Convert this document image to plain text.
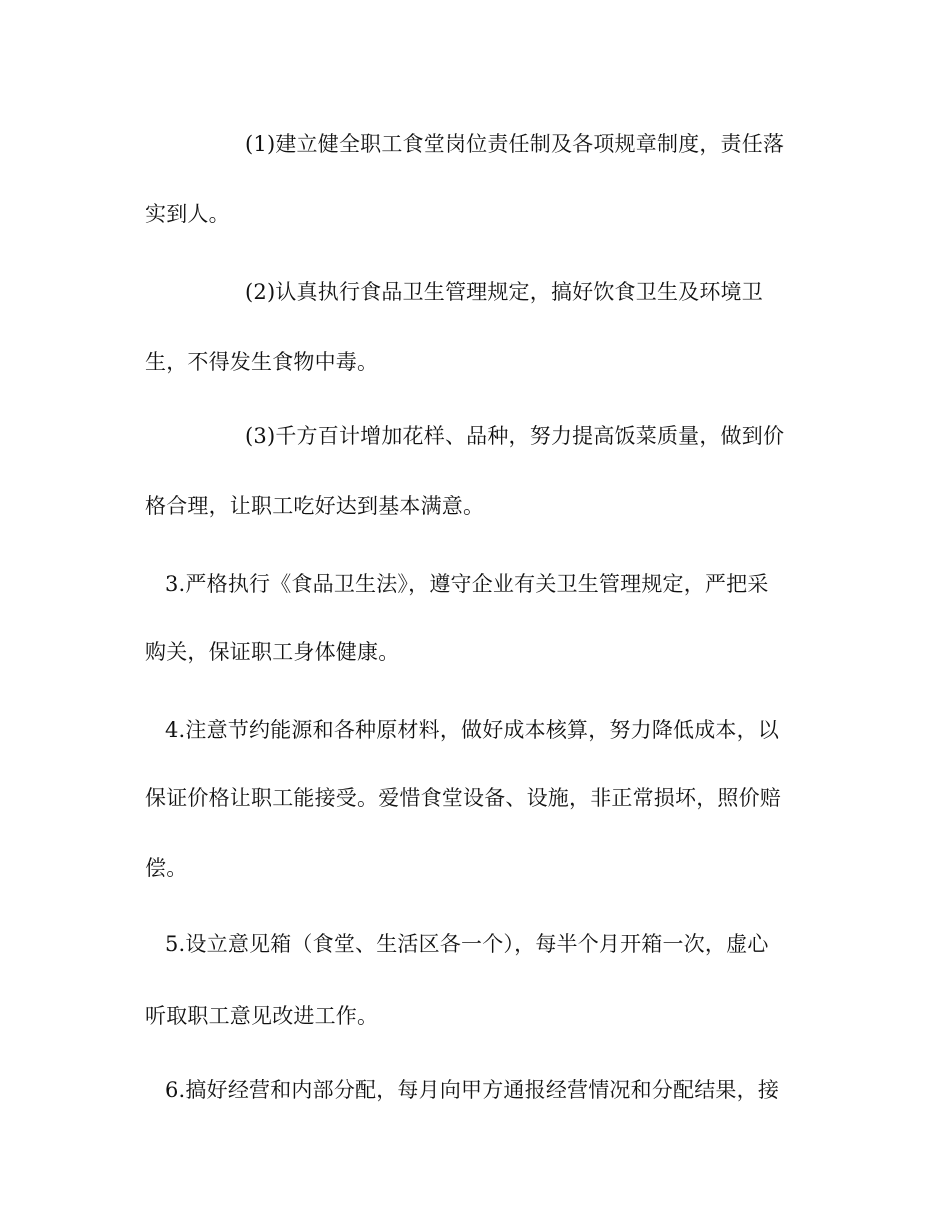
(1)建立健全职工食堂岗位责任制及各项规章制度，责任落
实到人。
(2)认真执行食品卫生管理规定，搞好饮食卫生及环境卫
生，不得发生食物中毒。
(3)千方百计增加花样、品种，努力提高饭菜质量，做到价
格合理，让职工吃好达到基本满意。
3.严格执行《食品卫生法》，遵守企业有关卫生管理规定，严把采
购关，保证职工身体健康。
4.注意节约能源和各种原材料，做好成本核算，努力降低成本，以
保证价格让职工能接受。爱惜食堂设备、设施，非正常损坏，照价赔
偿。
5.设立意见箱（食堂、生活区各一个），每半个月开箱一次，虚心
听取职工意见改进工作。
6.搞好经营和内部分配，每月向甲方通报经营情况和分配结果，接
